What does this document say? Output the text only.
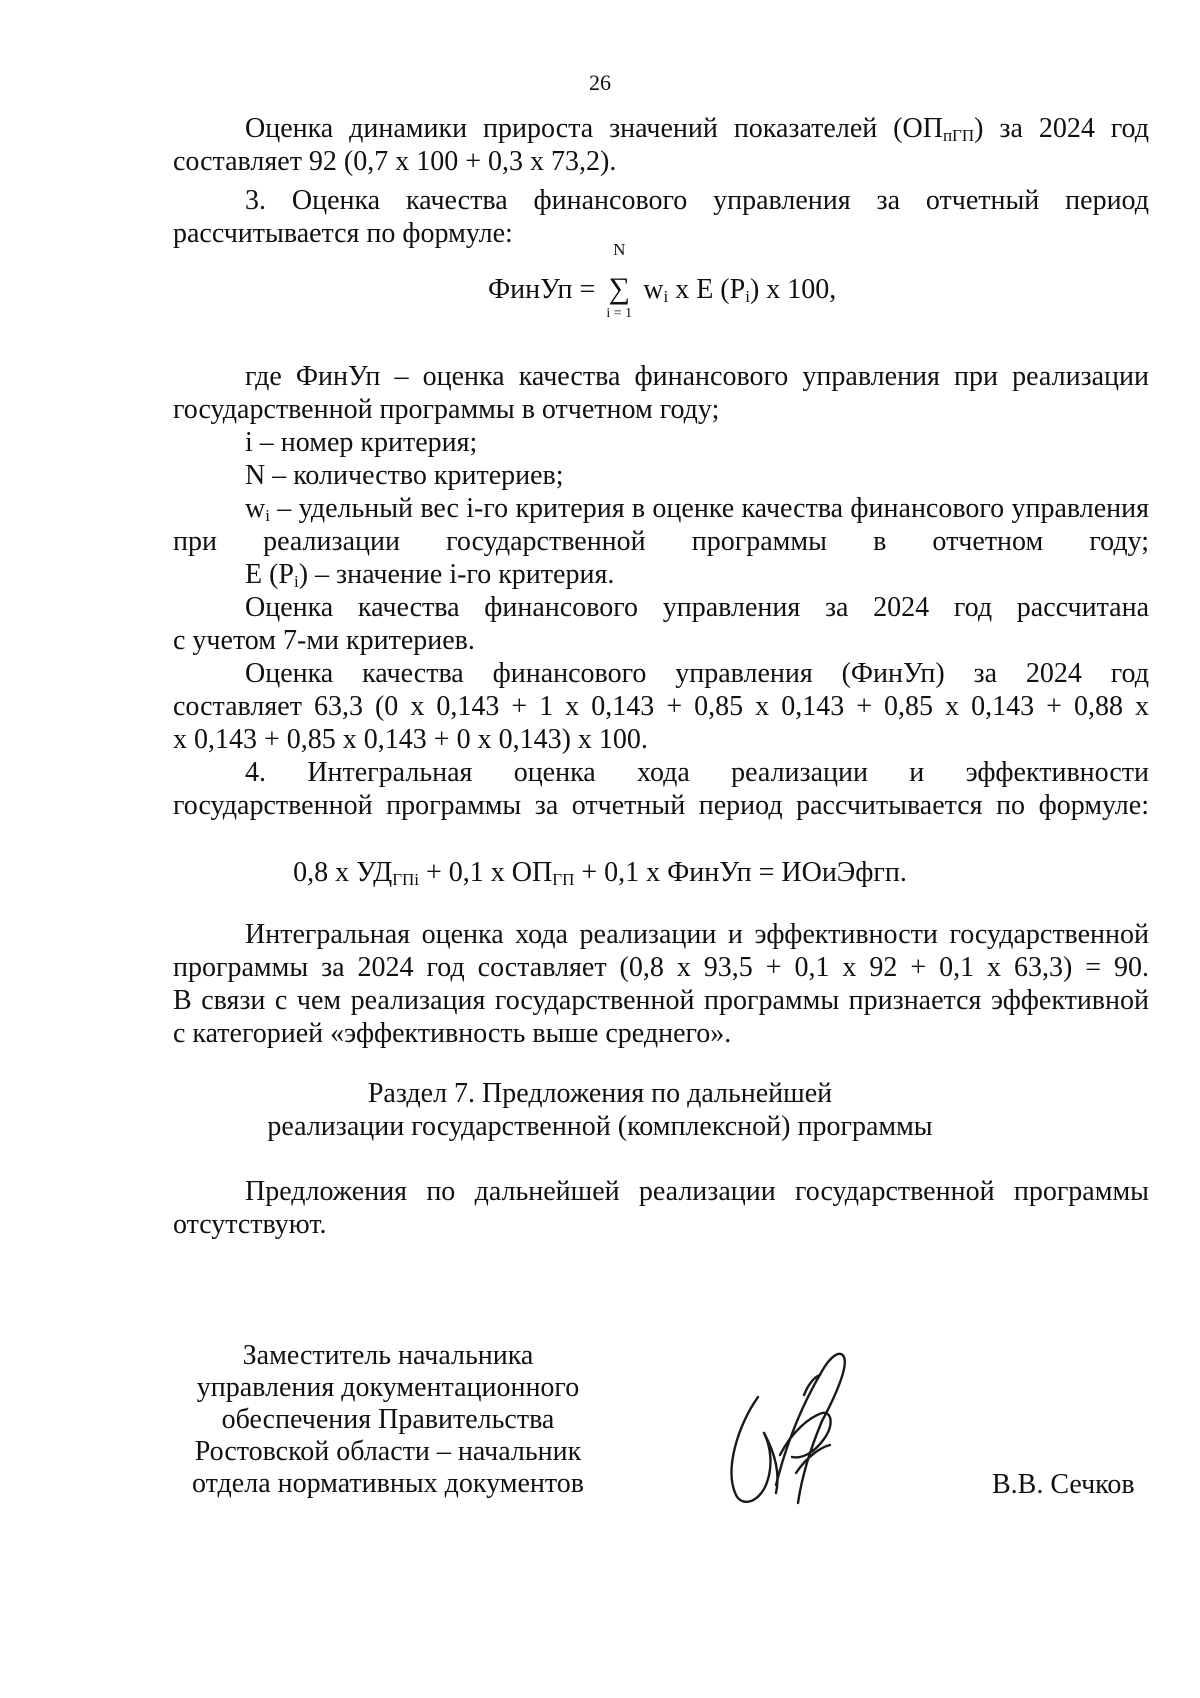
26
Оценка динамики прироста значений показателей $(ОП_{пГП})$ за 2024 год
составляет 92 (0,7 х 100 + 0,3 х 73,2).
3. Оценка качества финансового управления за отчетный период
рассчитывается по формуле:
ФинУп =
N
∑
i = 1
$w_i$ х Е $(Р_i)$ х 100,
где ФинУп – оценка качества финансового управления при реализации
государственной программы в отчетном году;
i – номер критерия;
N – количество критериев;
$w_i$ – удельный вес i-го критерия в оценке качества финансового управления
при реализации государственной программы в отчетном году;
Е $(Р_i)$ – значение i-го критерия.
Оценка качества финансового управления за 2024 год рассчитана
с учетом 7-ми критериев.
Оценка качества финансового управления (ФинУп) за 2024 год
составляет 63,3 (0 х 0,143 + 1 х 0,143 + 0,85 х 0,143 + 0,85 х 0,143 + 0,88 х
х 0,143 + 0,85 х 0,143 + 0 х 0,143) х 100.
4. Интегральная оценка хода реализации и эффективности
государственной программы за отчетный период рассчитывается по формуле:
0,8 х $УД_{ГПi} + 0,1$ х $ОП_{ГП} + 0,1$ х ФинУп = ИОиЭфгп.
Интегральная оценка хода реализации и эффективности государственной
программы за 2024 год составляет (0,8 х 93,5 + 0,1 х 92 + 0,1 х 63,3) = 90.
В связи с чем реализация государственной программы признается эффективной
с категорией «эффективность выше среднего».
Раздел 7. Предложения по дальнейшей
реализации государственной (комплексной) программы
Предложения по дальнейшей реализации государственной программы
отсутствуют.
Заместитель начальника
управления документационного
обеспечения Правительства
Ростовской области – начальник
отдела нормативных документов	В.В. Сечков
